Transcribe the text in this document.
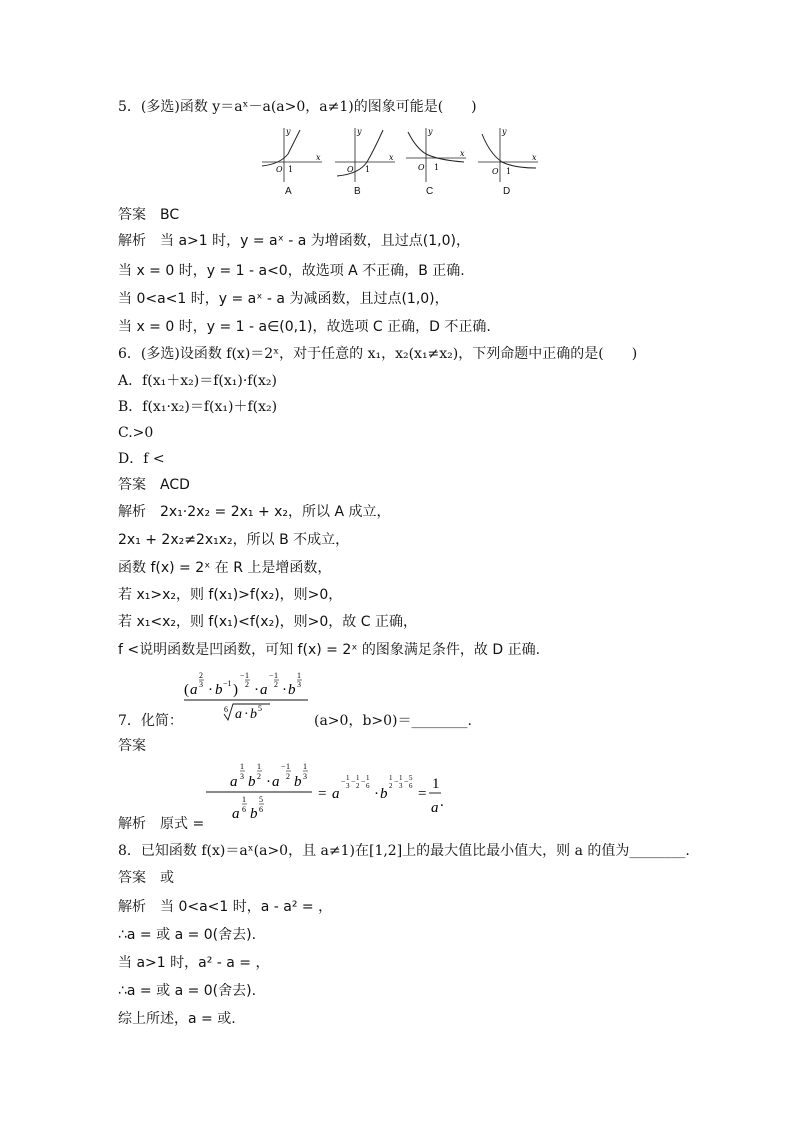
5．(多选)函数 y＝aˣ－a(a>0，a≠1)的图象可能是(　　)
O 1
y
x
A
O 1
y
x
B
O 1
y
x
C
O 1
y
x
D
答案　BC
解析　当 a>1 时，y = aˣ - a 为增函数，且过点(1,0)，
当 x = 0 时，y = 1 - a<0，故选项 A 不正确，B 正确.
当 0<a<1 时，y = aˣ - a 为减函数，且过点(1,0)，
当 x = 0 时，y = 1 - a∈(0,1)，故选项 C 正确，D 不正确.
6．(多选)设函数 f(x)＝2ˣ，对于任意的 x₁，x₂(x₁≠x₂)，下列命题中正确的是(　　)
A．f(x₁＋x₂)＝f(x₁)·f(x₂)
B．f(x₁·x₂)＝f(x₁)＋f(x₂)
C.>0
D．f <
答案　ACD
解析　2x₁·2x₂ = 2x₁ + x₂，所以 A 成立，
2x₁ + 2x₂≠2x₁x₂，所以 B 不成立，
函数 f(x) = 2ˣ 在 R 上是增函数，
若 x₁>x₂，则 f(x₁)>f(x₂)，则>0，
若 x₁<x₂，则 f(x₁)<f(x₂)，则>0，故 C 正确，
f <说明函数是凹函数，可知 f(x) = 2ˣ 的图象满足条件，故 D 正确.
( a
2
3 · b −1 )
− 1
2 · a
− 1
2 · b
1
3
6 a · b 5
7．化简：	(a>0，b>0)＝________.
答案
a
1
3 b
1
2 · a
− 1
2 b
1
3
a
1
6 b
5
6
= a
− 1
3 − 1
2 − 1
6 · b
1
2 − 1
3 − 5
6 =
1
a .
解析　原式 =
8．已知函数 f(x)＝aˣ(a>0，且 a≠1)在[1,2]上的最大值比最小值大，则 a 的值为________.
答案　或
解析　当 0<a<1 时，a - a² = ，
∴a = 或 a = 0(舍去).
当 a>1 时，a² - a = ，
∴a = 或 a = 0(舍去).
综上所述，a = 或.
